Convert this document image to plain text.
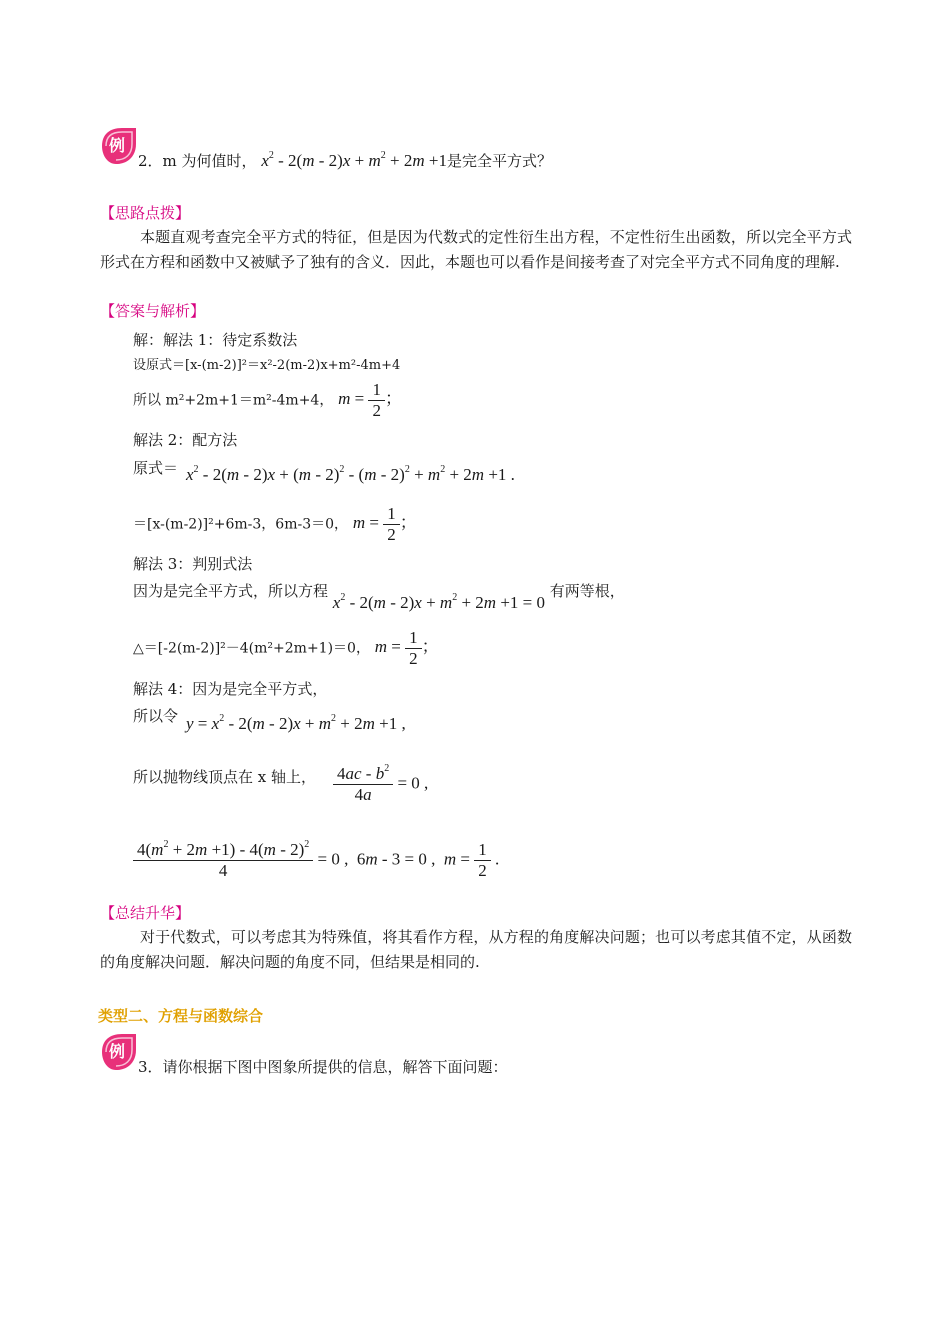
例
2．m 为何值时， $x^2 - 2(m - 2)x + m^2 + 2m +1$是完全平方式？
【思路点拨】
本题直观考查完全平方式的特征，但是因为代数式的定性衍生出方程，不定性衍生出函数，所以完全平方式形式在方程和函数中又被赋予了独有的含义．因此，本题也可以看作是间接考查了对完全平方式不同角度的理解.
【答案与解析】
解：解法 1：待定系数法
设原式＝[x-(m-2)]²＝x²-2(m-2)x+m²-4m+4
所以 m²+2m+1＝m²-4m+4， $m = \frac{1}{2}$ ；
解法 2：配方法
原式＝ $x^2 - 2(m - 2)x + (m - 2)^2 - (m - 2)^2 + m^2 + 2m +1$ .
＝[x-(m-2)]²+6m-3，6m-3＝0， $m = \frac{1}{2}$ ；
解法 3：判别式法
因为是完全平方式，所以方程 $x^2 - 2(m - 2)x + m^2 + 2m +1 = 0$ 有两等根，
△＝[-2(m-2)]²－4(m²+2m+1)＝0， $m = \frac{1}{2}$ ；
解法 4：因为是完全平方式，
所以令 $y = x^2 - 2(m - 2)x + m^2 + 2m +1$ ,
所以抛物线顶点在 x 轴上， $\frac{4ac - b^2}{4a} = 0$ ,
$\frac{4(m^2 + 2m +1) - 4(m - 2)^2}{4} = 0$ ,  6m - 3 = 0 ,  $m = \frac{1}{2}$ .
【总结升华】
对于代数式，可以考虑其为特殊值，将其看作方程，从方程的角度解决问题；也可以考虑其值不定，从函数的角度解决问题．解决问题的角度不同，但结果是相同的.
类型二、方程与函数综合
例
3．请你根据下图中图象所提供的信息，解答下面问题：
